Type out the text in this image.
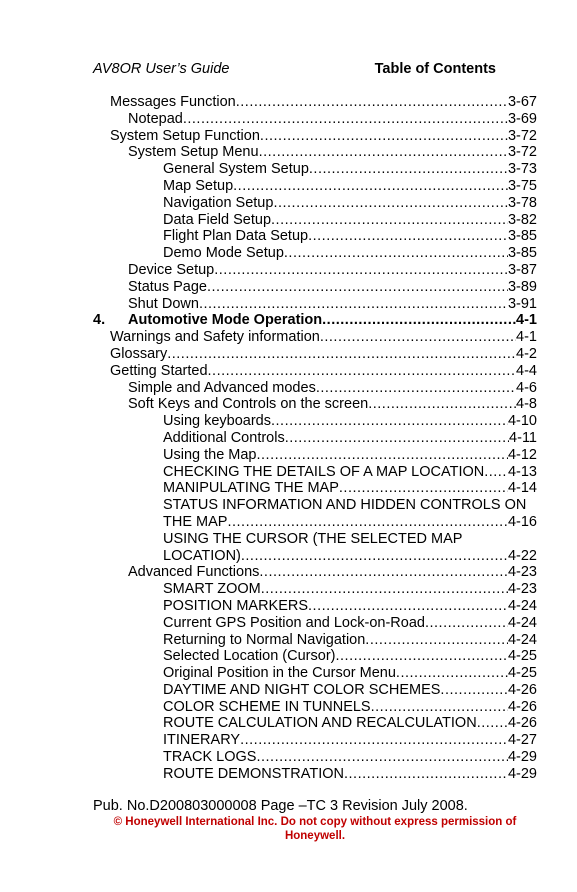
AV8OR User’s Guide	Table of Contents
Messages Function .....	3-67
Notepad .....	3-69
System Setup Function .....	3-72
System Setup Menu .....	3-72
General System Setup .....	3-73
Map Setup .....	3-75
Navigation Setup .....	3-78
Data Field Setup .....	3-82
Flight Plan Data Setup .....	3-85
Demo Mode Setup .....	3-85
Device Setup .....	3-87
Status Page .....	3-89
Shut Down .....	3-91
4.	Automotive Mode Operation .....	4-1
Warnings and Safety information .....	4-1
Glossary .....	4-2
Getting Started .....	4-4
Simple and Advanced modes .....	4-6
Soft Keys and Controls on the screen .....	4-8
Using keyboards .....	4-10
Additional Controls .....	4-11
Using the Map .....	4-12
CHECKING THE DETAILS OF A MAP LOCATION ..... 4-13
MANIPULATING THE MAP .....	4-14
STATUS INFORMATION AND HIDDEN CONTROLS ON
THE MAP .....	4-16
USING THE CURSOR (THE SELECTED MAP
LOCATION) .....	4-22
Advanced Functions .....	4-23
SMART ZOOM .....	4-23
POSITION MARKERS .....	4-24
Current GPS Position and Lock-on-Road .....	4-24
Returning to Normal Navigation .....	4-24
Selected Location (Cursor) .....	4-25
Original Position in the Cursor Menu .....	4-25
DAYTIME AND NIGHT COLOR SCHEMES .....	4-26
COLOR SCHEME IN TUNNELS .....	4-26
ROUTE CALCULATION AND RECALCULATION ..... 4-26
ITINERARY .....	4-27
TRACK LOGS .....	4-29
ROUTE DEMONSTRATION .....	4-29
Pub. No.D200803000008 Page –TC 3 Revision July 2008.
© Honeywell International Inc. Do not copy without express permission of Honeywell.
